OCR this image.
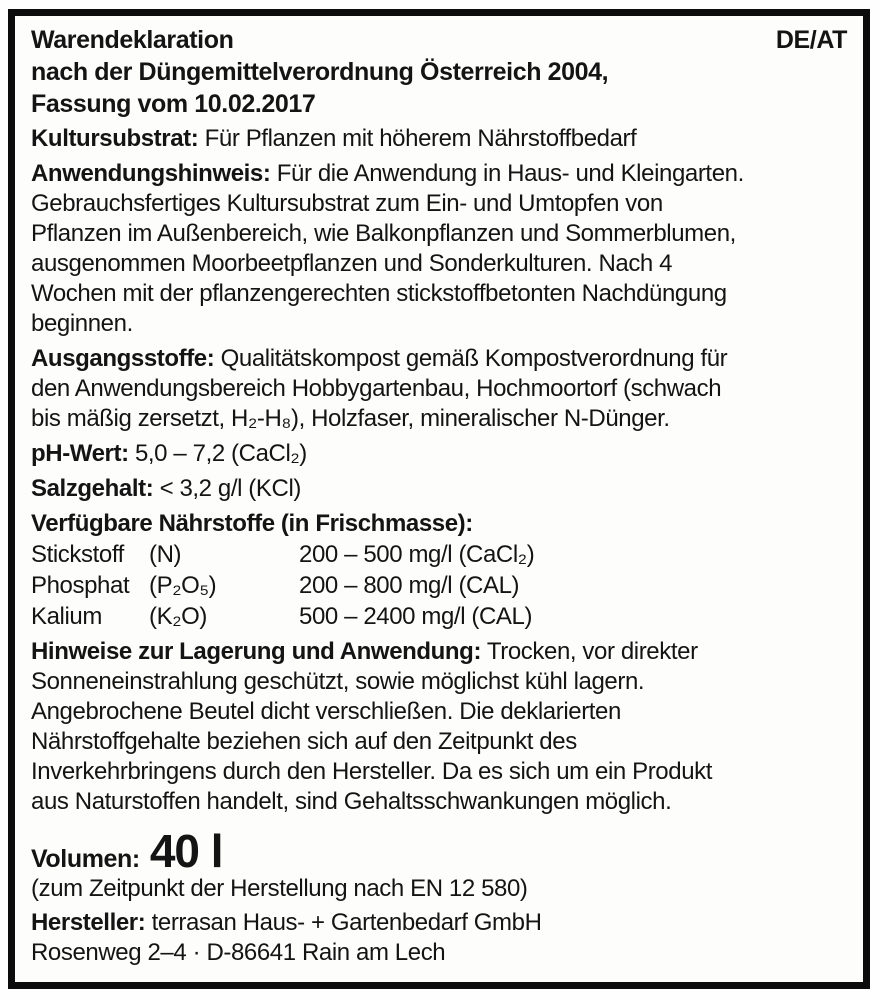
Warendeklaration	DE/AT
nach der Düngemittelverordnung Österreich 2004,
Fassung vom 10.02.2017
Kultursubstrat: Für Pflanzen mit höherem Nährstoffbedarf
Anwendungshinweis: Für die Anwendung in Haus- und Kleingarten.
Gebrauchsfertiges Kultursubstrat zum Ein- und Umtopfen von
Pflanzen im Außenbereich, wie Balkonpflanzen und Sommerblumen,
ausgenommen Moorbeetpflanzen und Sonderkulturen. Nach 4
Wochen mit der pflanzengerechten stickstoffbetonten Nachdüngung
beginnen.
Ausgangsstoffe: Qualitätskompost gemäß Kompostverordnung für
den Anwendungsbereich Hobbygartenbau, Hochmoortorf (schwach
bis mäßig zersetzt, H₂-H₈), Holzfaser, mineralischer N-Dünger.
pH-Wert: 5,0 – 7,2 (CaCl₂)
Salzgehalt: < 3,2 g/l (KCl)
Verfügbare Nährstoffe (in Frischmasse):
Stickstoff	(N)	200 – 500 mg/l (CaCl₂)
Phosphat (P₂O₅)	200 – 800 mg/l (CAL)
Kalium	(K₂O)	500 – 2400 mg/l (CAL)
Hinweise zur Lagerung und Anwendung: Trocken, vor direkter
Sonneneinstrahlung geschützt, sowie möglichst kühl lagern.
Angebrochene Beutel dicht verschließen. Die deklarierten
Nährstoffgehalte beziehen sich auf den Zeitpunkt des
Inverkehrbringens durch den Hersteller. Da es sich um ein Produkt
aus Naturstoffen handelt, sind Gehaltsschwankungen möglich.
Volumen: 40 l
(zum Zeitpunkt der Herstellung nach EN 12 580)
Hersteller: terrasan Haus- + Gartenbedarf GmbH
Rosenweg 2–4 · D-86641 Rain am Lech
